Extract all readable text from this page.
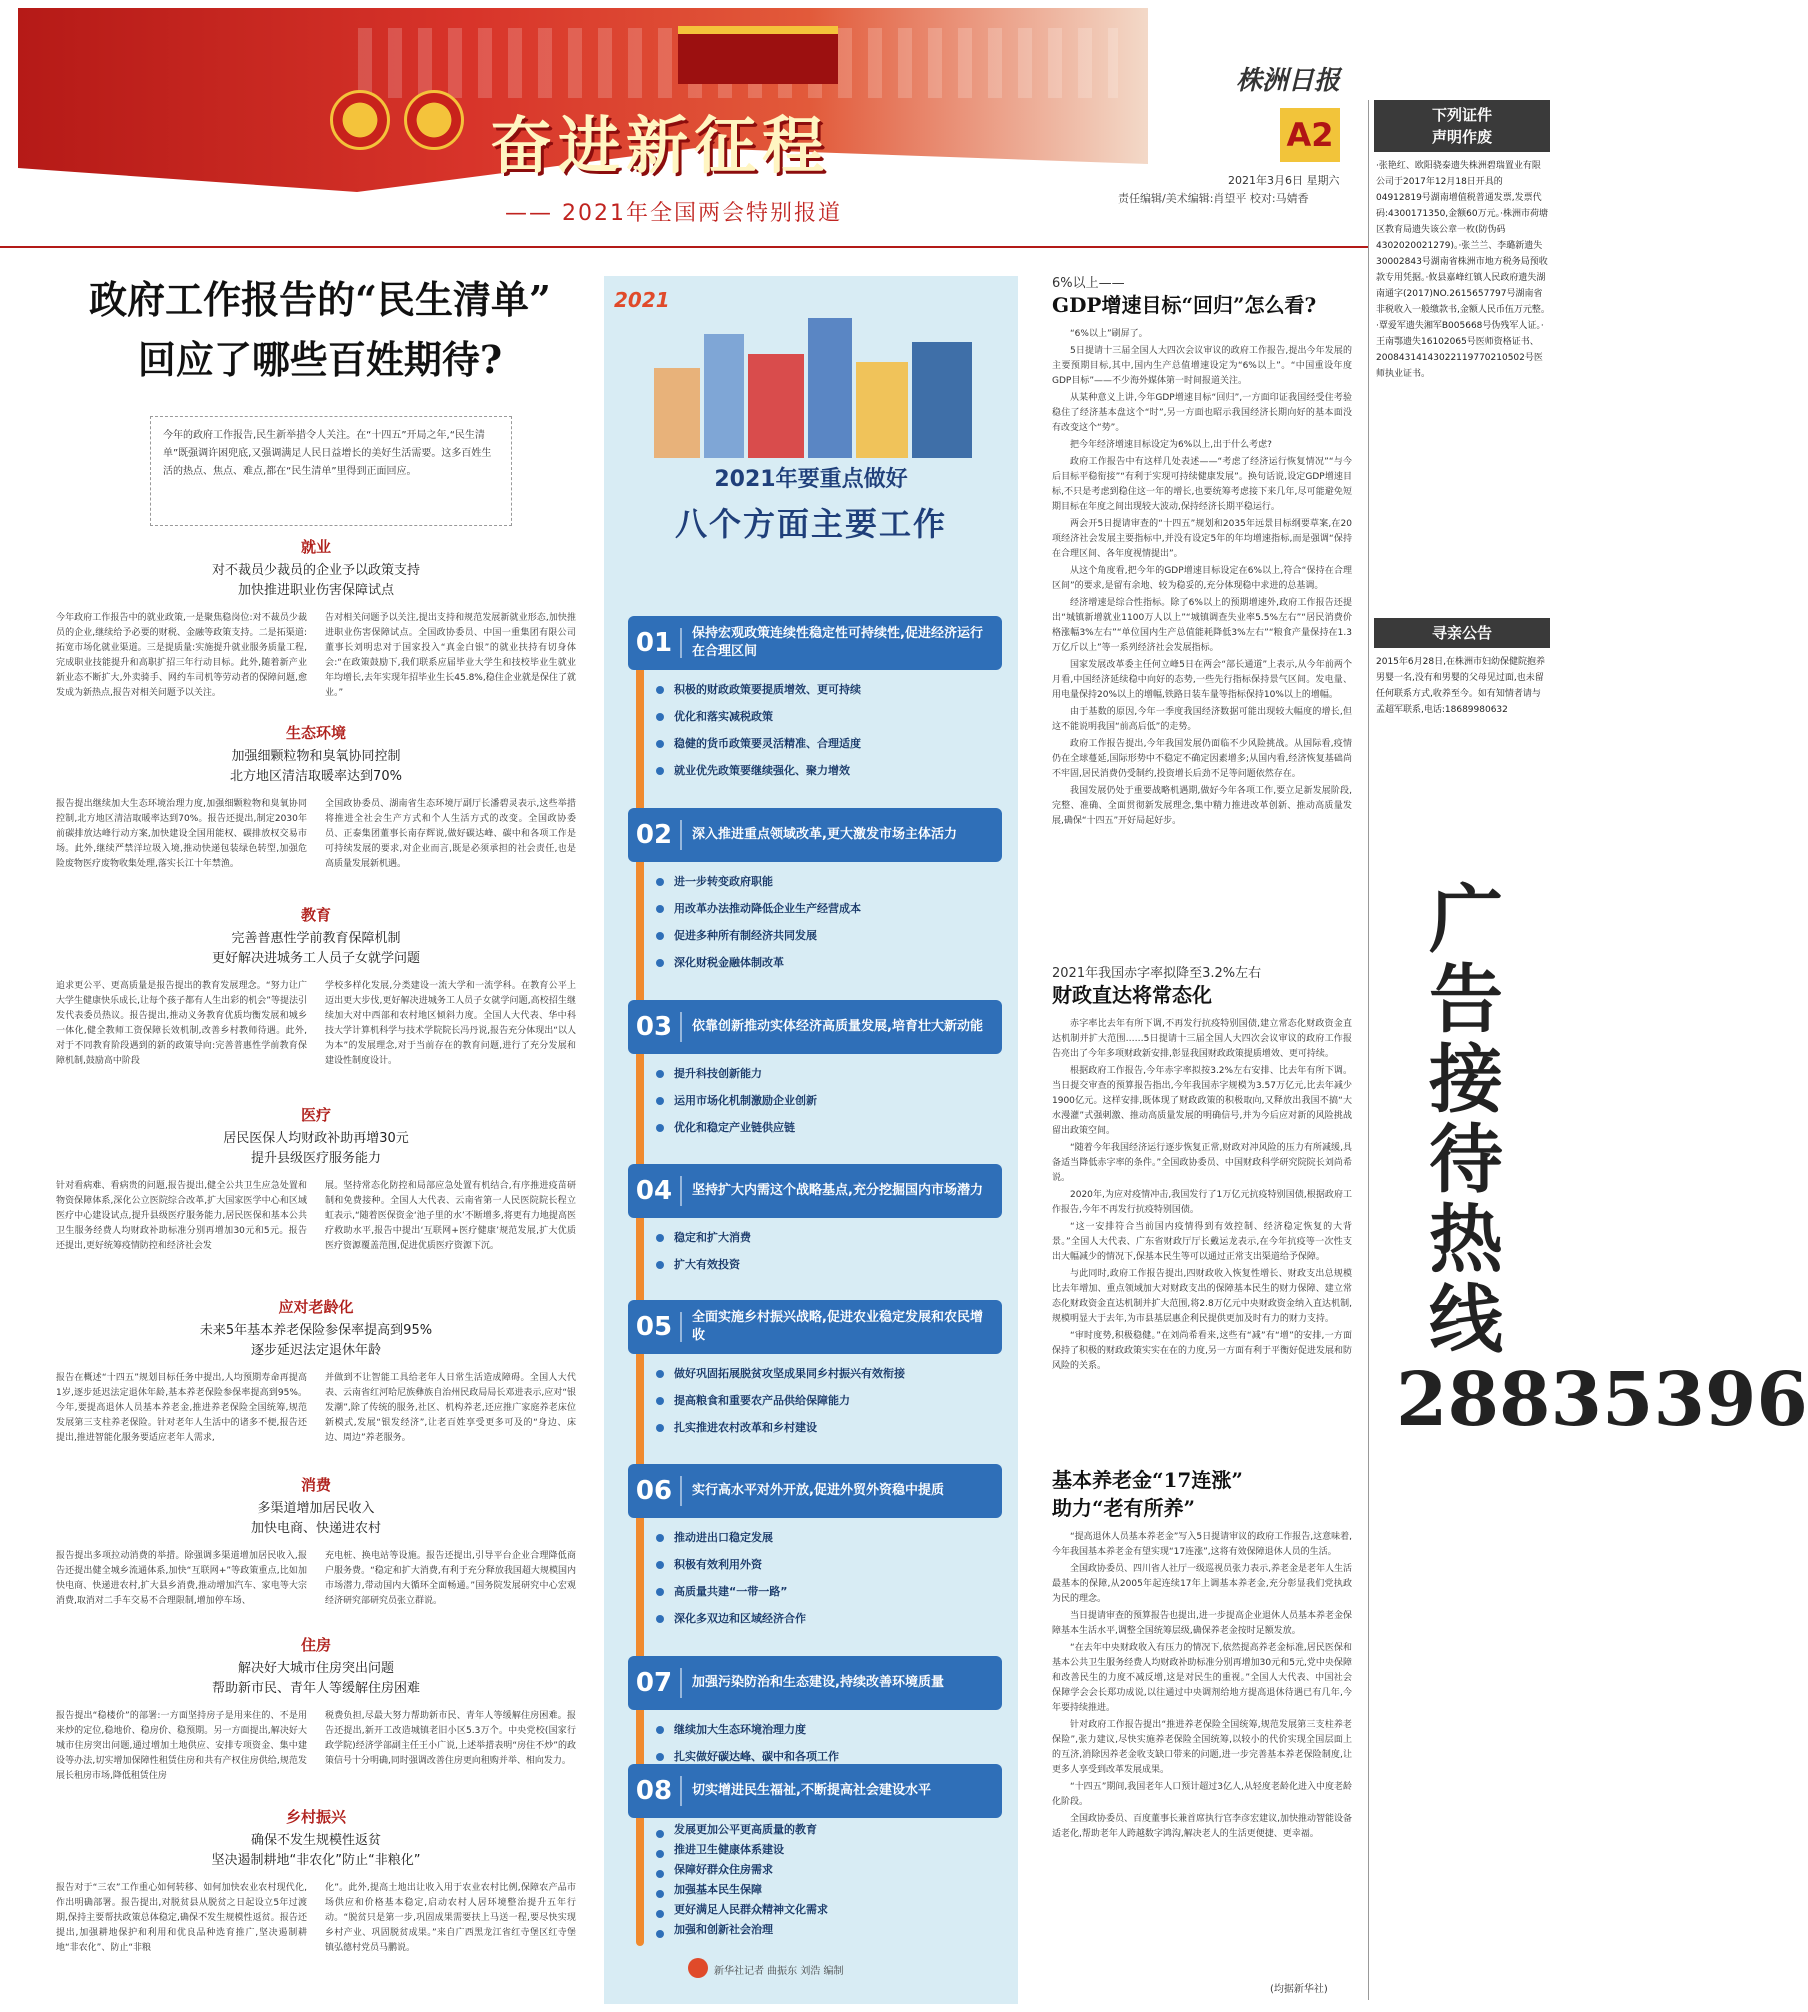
奋进新征程
—— 2021年全国两会特别报道
株洲日报
A2
2021年3月6日 星期六
责任编辑/美术编辑:肖望平 校对:马婧香
政府工作报告的“民生清单”
回应了哪些百姓期待?
今年的政府工作报告,民生新举措令人关注。在“十四五”开局之年,“民生清单”既强调许困兜底,又强调满足人民日益增长的美好生活需要。这多百姓生活的热点、焦点、难点,都在“民生清单”里得到正面回应。
就业
对不裁员少裁员的企业予以政策支持
加快推进职业伤害保障试点

今年政府工作报告中的就业政策,一是聚焦稳岗位:对不裁员少裁员的企业,继续给予必要的财税、金融等政策支持。二是拓渠道:拓宽市场化就业渠道。三是提质量:实施提升就业服务质量工程,完成职业技能提升和高职扩招三年行动目标。此外,随着新产业新业态不断扩大,外卖骑手、网约车司机等劳动者的保障问题,愈发成为新热点,报告对相关问题予以关注。

告对相关问题予以关注,提出支持和规范发展新就业形态,加快推进职业伤害保障试点。全国政协委员、中国一重集团有限公司董事长刘明忠对于国家投入“真金白银”的就业扶持有切身体会:“在政策鼓励下,我们联系应届毕业大学生和技校毕业生就业年均增长,去年实现年招毕业生长45.8%,稳住企业就是保住了就业。”

生态环境
加强细颗粒物和臭氧协同控制
北方地区清洁取暖率达到70%

报告提出继续加大生态环境治理力度,加强细颗粒物和臭氧协同控制,北方地区清洁取暖率达到70%。报告还提出,制定2030年前碳排放达峰行动方案,加快建设全国用能权、碳排放权交易市场。此外,继续严禁洋垃圾入境,推动快递包装绿色转型,加强危险废物医疗废物收集处理,落实长江十年禁渔。

全国政协委员、湖南省生态环境厅副厅长潘碧灵表示,这些举措将推进全社会生产方式和个人生活方式的改变。全国政协委员、正泰集团董事长南存辉说,做好碳达峰、碳中和各项工作是可持续发展的要求,对企业而言,既是必须承担的社会责任,也是高质量发展新机遇。

教育
完善普惠性学前教育保障机制
更好解决进城务工人员子女就学问题

追求更公平、更高质量是报告提出的教育发展理念。“努力让广大学生健康快乐成长,让每个孩子都有人生出彩的机会”等提法引发代表委员热议。报告提出,推动义务教育优质均衡发展和城乡一体化,健全教师工资保障长效机制,改善乡村教师待遇。此外,对于不同教育阶段遇到的新的政策导向:完善普惠性学前教育保障机制,鼓励高中阶段

学校多样化发展,分类建设一流大学和一流学科。在教育公平上迈出更大步伐,更好解决进城务工人员子女就学问题,高校招生继续加大对中西部和农村地区倾斜力度。全国人大代表、华中科技大学计算机科学与技术学院院长冯丹说,报告充分体现出“以人为本”的发展理念,对于当前存在的教育问题,进行了充分发展和建设性制度设计。

医疗
居民医保人均财政补助再增30元
提升县级医疗服务能力

针对看病难、看病贵的问题,报告提出,健全公共卫生应急处置和物资保障体系,深化公立医院综合改革,扩大国家医学中心和区域医疗中心建设试点,提升县级医疗服务能力,居民医保和基本公共卫生服务经费人均财政补助标准分别再增加30元和5元。报告还提出,更好统筹疫情防控和经济社会发

展。坚持常态化防控和局部应急处置有机结合,有序推进疫苗研制和免费接种。全国人大代表、云南省第一人民医院院长程立虹表示,“随着医保资金‘池子里的水’不断增多,将更有力地提高医疗救助水平,报告中提出‘互联网+医疗健康’规范发展,扩大优质医疗资源覆盖范围,促进优质医疗资源下沉。

应对老龄化
未来5年基本养老保险参保率提高到95%
逐步延迟法定退休年龄

报告在概述“十四五”规划目标任务中提出,人均预期寿命再提高1岁,逐步延迟法定退休年龄,基本养老保险参保率提高到95%。今年,要提高退休人员基本养老金,推进养老保险全国统筹,规范发展第三支柱养老保险。针对老年人生活中的诸多不便,报告还提出,推进智能化服务要适应老年人需求,

并做到不让智能工具给老年人日常生活造成障碍。全国人大代表、云南省红河哈尼族彝族自治州民政局局长邓进表示,应对“银发潮”,除了传统的服务,社区、机构养老,还应推广家庭养老床位新模式,发展“银发经济”,让老百姓享受更多可及的“身边、床边、周边”养老服务。

消费
多渠道增加居民收入
加快电商、快递进农村

报告提出多项拉动消费的举措。除强调多渠道增加居民收入,报告还提出健全城乡流通体系,加快“互联网+”等政策重点,比如加快电商、快递进农村,扩大县乡消费,推动增加汽车、家电等大宗消费,取消对二手车交易不合理限制,增加停车场、

充电桩、换电站等设施。报告还提出,引导平台企业合理降低商户服务费。“稳定和扩大消费,有利于充分释放我国超大规模国内市场潜力,带动国内大循环全面畅通。”国务院发展研究中心宏观经济研究部研究员张立群说。

住房
解决好大城市住房突出问题
帮助新市民、青年人等缓解住房困难

报告提出“稳楼价”的部署:一方面坚持房子是用来住的、不是用来炒的定位,稳地价、稳房价、稳预期。另一方面提出,解决好大城市住房突出问题,通过增加土地供应、安排专项资金、集中建设等办法,切实增加保障性租赁住房和共有产权住房供给,规范发展长租房市场,降低租赁住房

税费负担,尽最大努力帮助新市民、青年人等缓解住房困难。报告还提出,新开工改造城镇老旧小区5.3万个。中央党校(国家行政学院)经济学部副主任王小广说,上述举措表明“房住不炒”的政策信号十分明确,同时强调改善住房更向租购并举、相向发力。

乡村振兴
确保不发生规模性返贫
坚决遏制耕地“非农化”防止“非粮化”

报告对于“三农”工作重心如何转移、如何加快农业农村现代化,作出明确部署。报告提出,对脱贫县从脱贫之日起设立5年过渡期,保持主要帮扶政策总体稳定,确保不发生规模性返贫。报告还提出,加强耕地保护和利用和优良品种选育推广,坚决遏制耕地“非农化”、防止“非粮

化”。此外,提高土地出让收入用于农业农村比例,保障农产品市场供应和价格基本稳定,启动农村人居环境整治提升五年行动。“脱贫只是第一步,巩固成果需要扶上马送一程,要尽快实现乡村产业、巩固脱贫成果。”来自广西黑龙江省红寺堡区红寺堡镇弘德村党员马鹏说。

2021
2021年要重点做好
八个方面主要工作
01	保持宏观政策连续性稳定性可持续性,促进经济运行在合理区间
积极的财政政策要提质增效、更可持续
优化和落实减税政策
稳健的货币政策要灵活精准、合理适度
就业优先政策要继续强化、聚力增效
02	深入推进重点领域改革,更大激发市场主体活力
进一步转变政府职能
用改革办法推动降低企业生产经营成本
促进多种所有制经济共同发展
深化财税金融体制改革
03	依靠创新推动实体经济高质量发展,培育壮大新动能
提升科技创新能力
运用市场化机制激励企业创新
优化和稳定产业链供应链
04	坚持扩大内需这个战略基点,充分挖掘国内市场潜力
稳定和扩大消费
扩大有效投资
05	全面实施乡村振兴战略,促进农业稳定发展和农民增收
做好巩固拓展脱贫攻坚成果同乡村振兴有效衔接
提高粮食和重要农产品供给保障能力
扎实推进农村改革和乡村建设
06	实行高水平对外开放,促进外贸外资稳中提质
推动进出口稳定发展
积极有效利用外资
高质量共建“一带一路”
深化多双边和区域经济合作
07	加强污染防治和生态建设,持续改善环境质量
继续加大生态环境治理力度
扎实做好碳达峰、碳中和各项工作
08	切实增进民生福祉,不断提高社会建设水平
发展更加公平更高质量的教育
推进卫生健康体系建设
保障好群众住房需求
加强基本民生保障
更好满足人民群众精神文化需求
加强和创新社会治理
新华社记者 曲振东 刘浩 编制
6%以上——
GDP增速目标“回归”怎么看?

“6%以上”刷屏了。

5日提请十三届全国人大四次会议审议的政府工作报告,提出今年发展的主要预期目标,其中,国内生产总值增速设定为“6%以上”。“中国重设年度GDP目标”——不少海外媒体第一时间报道关注。

从某种意义上讲,今年GDP增速目标“回归”,一方面印证我国经受住考验稳住了经济基本盘这个“时”,另一方面也昭示我国经济长期向好的基本面没有改变这个“势”。

把今年经济增速目标设定为6%以上,出于什么考虑?

政府工作报告中有这样几处表述——“考虑了经济运行恢复情况”“与今后目标平稳衔接”“有利于实现可持续健康发展”。换句话说,设定GDP增速目标,不只是考虑到稳住这一年的增长,也要统筹考虑接下来几年,尽可能避免短期目标在年度之间出现较大波动,保持经济长期平稳运行。

两会开5日提请审查的“十四五”规划和2035年远景目标纲要草案,在20项经济社会发展主要指标中,并没有设定5年的年均增速指标,而是强调“保持在合理区间、各年度视情提出”。

从这个角度看,把今年的GDP增速目标设定在6%以上,符合“保持在合理区间”的要求,是留有余地、较为稳妥的,充分体现稳中求进的总基调。

经济增速是综合性指标。除了6%以上的预期增速外,政府工作报告还提出“城镇新增就业1100万人以上”“城镇调查失业率5.5%左右”“居民消费价格涨幅3%左右”“单位国内生产总值能耗降低3%左右”“粮食产量保持在1.3万亿斤以上”等一系列经济社会发展指标。

国家发展改革委主任何立峰5日在两会“部长通道”上表示,从今年前两个月看,中国经济延续稳中向好的态势,一些先行指标保持景气区间。发电量、用电量保持20%以上的增幅,铁路日装车量等指标保持10%以上的增幅。

由于基数的原因,今年一季度我国经济数据可能出现较大幅度的增长,但这不能说明我国“前高后低”的走势。

政府工作报告提出,今年我国发展仍面临不少风险挑战。从国际看,疫情仍在全球蔓延,国际形势中不稳定不确定因素增多;从国内看,经济恢复基础尚不牢固,居民消费仍受制约,投资增长后劲不足等问题依然存在。

我国发展仍处于重要战略机遇期,做好今年各项工作,要立足新发展阶段,完整、准确、全面贯彻新发展理念,集中精力推进改革创新、推动高质量发展,确保“十四五”开好局起好步。

2021年我国赤字率拟降至3.2%左右
财政直达将常态化

赤字率比去年有所下调,不再发行抗疫特别国债,建立常态化财政资金直达机制并扩大范围……5日提请十三届全国人大四次会议审议的政府工作报告亮出了今年多项财政新安排,彰显我国财政政策提质增效、更可持续。

根据政府工作报告,今年赤字率拟按3.2%左右安排、比去年有所下调。当日提交审查的预算报告指出,今年我国赤字规模为3.57万亿元,比去年减少1900亿元。这样安排,既体现了财政政策的积极取向,又释放出我国不搞“大水漫灌”式强刺激、推动高质量发展的明确信号,并为今后应对新的风险挑战留出政策空间。

“随着今年我国经济运行逐步恢复正常,财政对冲风险的压力有所减缓,具备适当降低赤字率的条件。”全国政协委员、中国财政科学研究院院长刘尚希说。

2020年,为应对疫情冲击,我国发行了1万亿元抗疫特别国债,根据政府工作报告,今年不再发行抗疫特别国债。

“这一安排符合当前国内疫情得到有效控制、经济稳定恢复的大背景。”全国人大代表、广东省财政厅厅长戴运龙表示,在今年抗疫等一次性支出大幅减少的情况下,保基本民生等可以通过正常支出渠道给予保障。

与此同时,政府工作报告提出,四财政收入恢复性增长、财政支出总规模比去年增加、重点领域加大对财政支出的保障基本民生的财力保障、建立常态化财政资金直达机制并扩大范围,将2.8万亿元中央财政资金纳入直达机制,规模明显大于去年,为市县基层惠企利民提供更加及时有力的财力支持。

“审时度势,积极稳健。”在刘尚希看来,这些有“减”有“增”的安排,一方面保持了积极的财政政策实实在在的力度,另一方面有利于平衡好促进发展和防风险的关系。

基本养老金“17连涨”
助力“老有所养”

“提高退休人员基本养老金”写入5日提请审议的政府工作报告,这意味着,今年我国基本养老金有望实现“17连涨”,这将有效保障退休人员的生活。

全国政协委员、四川省人社厅一级巡视员张力表示,养老金是老年人生活最基本的保障,从2005年起连续17年上调基本养老金,充分彰显我们党执政为民的理念。

当日提请审查的预算报告也提出,进一步提高企业退休人员基本养老金保障基本生活水平,调整全国统筹层级,确保养老金按时足额发放。

“在去年中央财政收入有压力的情况下,依然提高养老金标准,居民医保和基本公共卫生服务经费人均财政补助标准分别再增加30元和5元,党中央保障和改善民生的力度不减反增,这是对民生的重视。”全国人大代表、中国社会保障学会会长郑功成说,以往通过中央调剂给地方提高退休待遇已有几年,今年要持续推进。

针对政府工作报告提出“推进养老保险全国统筹,规范发展第三支柱养老保险”,张力建议,尽快实施养老保险全国统筹,以较小的代价实现全国层面上的互济,消除因养老金收支缺口带来的问题,进一步完善基本养老保险制度,让更多人享受到改革发展成果。

“十四五”期间,我国老年人口预计超过3亿人,从轻度老龄化进入中度老龄化阶段。

全国政协委员、百度董事长兼首席执行官李彦宏建议,加快推动智能设备适老化,帮助老年人跨越数字鸿沟,解决老人的生活更便捷、更幸福。

(均据新华社)
下列证件
声明作废
·张艳红、欧阳骁泰遗失株洲碧瑞置业有限公司于2017年12月18日开具的04912819号湖南增值税普通发票,发票代码:4300171350,金额60万元。·株洲市荷塘区教育局遗失该公章一枚(防伪码4302020021279)。·张兰兰、李璐新遗失30002843号湖南省株洲市地方税务局预收款专用凭据。·攸县嘉峰红镇人民政府遗失湖南通字(2017)NO.2615657797号湖南省非税收入一般缴款书,金额人民币伍万元整。·覃爱军遗失湘军B005668号伪残军人证。·王南鄂遗失16102065号医师资格证书、20084314143022119770210502号医师执业证书。
寻亲公告
2015年6月28日,在株洲市妇幼保健院抱养男婴一名,没有和男婴的父母见过面,也未留任何联系方式,收养至今。如有知情者请与孟超军联系,电话:18689980632
广告接待热线28835396
